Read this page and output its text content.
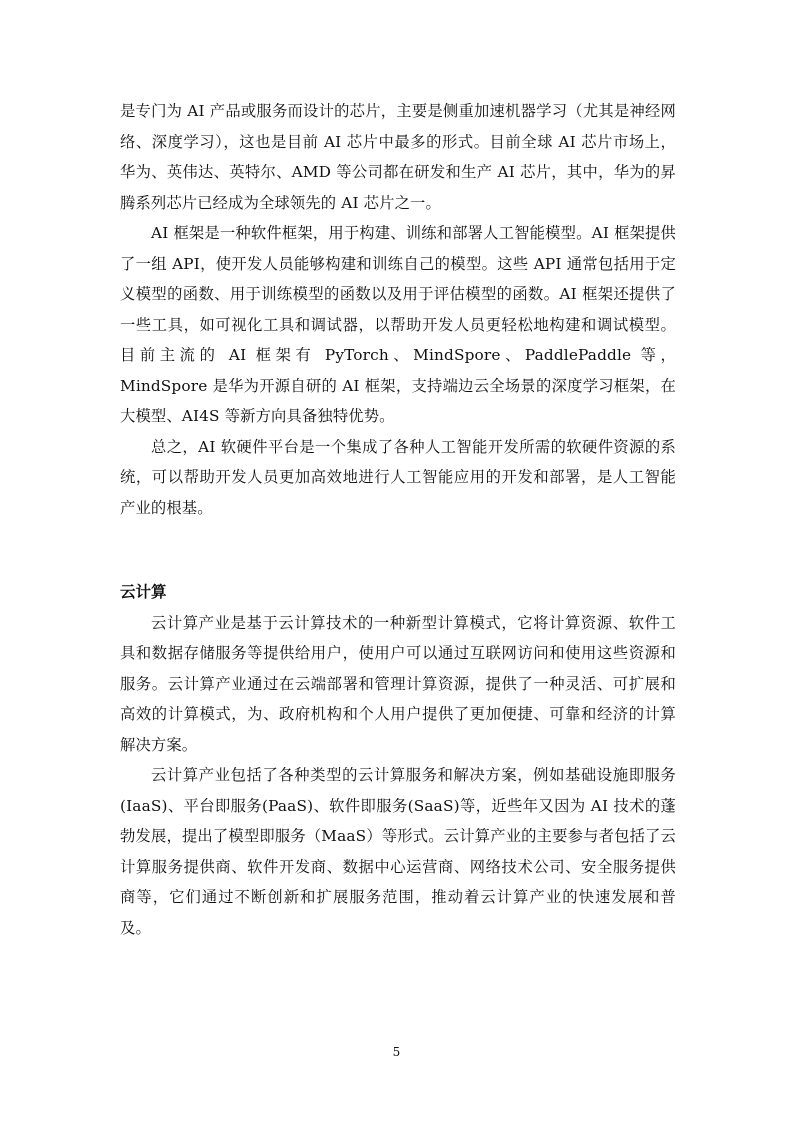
是专门为 AI 产品或服务而设计的芯片，主要是侧重加速机器学习（尤其是神经网络、深度学习），这也是目前 AI 芯片中最多的形式。目前全球 AI 芯片市场上，华为、英伟达、英特尔、AMD 等公司都在研发和生产 AI 芯片，其中，华为的昇腾系列芯片已经成为全球领先的 AI 芯片之一。

AI 框架是一种软件框架，用于构建、训练和部署人工智能模型。AI 框架提供了一组 API，使开发人员能够构建和训练自己的模型。这些 API 通常包括用于定义模型的函数、用于训练模型的函数以及用于评估模型的函数。AI 框架还提供了一些工具，如可视化工具和调试器，以帮助开发人员更轻松地构建和调试模型。目前主流的 AI 框架有 PyTorch、MindSpore、PaddlePaddle 等，MindSpore 是华为开源自研的 AI 框架，支持端边云全场景的深度学习框架，在大模型、AI4S 等新方向具备独特优势。

总之，AI 软硬件平台是一个集成了各种人工智能开发所需的软硬件资源的系统，可以帮助开发人员更加高效地进行人工智能应用的开发和部署，是人工智能产业的根基。

云计算

云计算产业是基于云计算技术的一种新型计算模式，它将计算资源、软件工具和数据存储服务等提供给用户，使用户可以通过互联网访问和使用这些资源和服务。云计算产业通过在云端部署和管理计算资源，提供了一种灵活、可扩展和高效的计算模式，为、政府机构和个人用户提供了更加便捷、可靠和经济的计算解决方案。

云计算产业包括了各种类型的云计算服务和解决方案，例如基础设施即服务(IaaS)、平台即服务(PaaS)、软件即服务(SaaS)等，近些年又因为 AI 技术的蓬勃发展，提出了模型即服务（MaaS）等形式。云计算产业的主要参与者包括了云计算服务提供商、软件开发商、数据中心运营商、网络技术公司、安全服务提供商等，它们通过不断创新和扩展服务范围，推动着云计算产业的快速发展和普及。

5
